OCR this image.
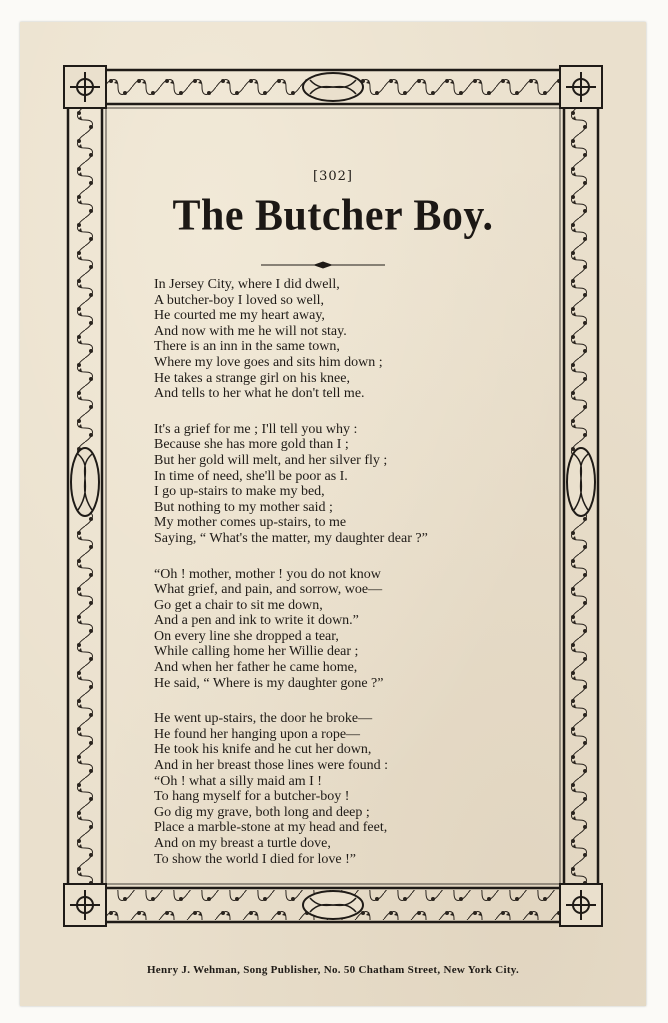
[302]
The Butcher Boy.
In Jersey City, where I did dwell,
A butcher-boy I loved so well,
He courted me my heart away,
And now with me he will not stay.
There is an inn in the same town,
Where my love goes and sits him down ;
He takes a strange girl on his knee,
And tells to her what he don't tell me.
It's a grief for me ; I'll tell you why :
Because she has more gold than I ;
But her gold will melt, and her silver fly ;
In time of need, she'll be poor as I.
I go up-stairs to make my bed,
But nothing to my mother said ;
My mother comes up-stairs, to me
Saying, “ What's the matter, my daughter dear ?”
“Oh ! mother, mother ! you do not know
What grief, and pain, and sorrow, woe—
Go get a chair to sit me down,
And a pen and ink to write it down.”
On every line she dropped a tear,
While calling home her Willie dear ;
And when her father he came home,
He said, “ Where is my daughter gone ?”
He went up-stairs, the door he broke—
He found her hanging upon a rope—
He took his knife and he cut her down,
And in her breast those lines were found :
“Oh ! what a silly maid am I !
To hang myself for a butcher-boy !
Go dig my grave, both long and deep ;
Place a marble-stone at my head and feet,
And on my breast a turtle dove,
To show the world I died for love !”
Henry J. Wehman, Song Publisher, No. 50 Chatham Street, New York City.
